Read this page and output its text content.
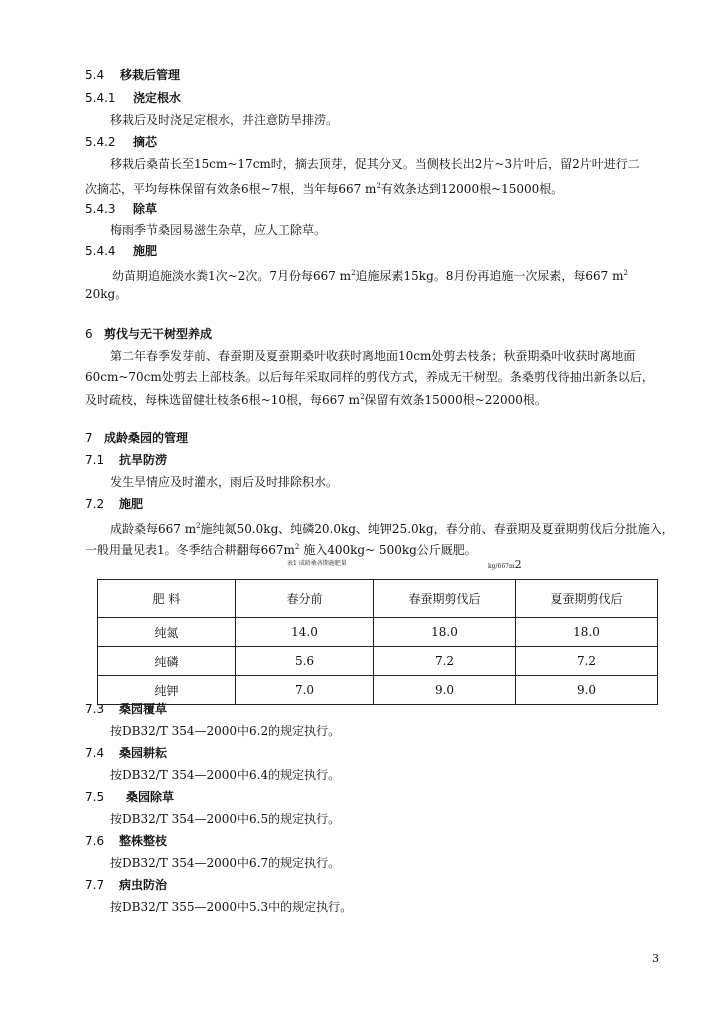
5.4 移栽后管理
5.4.1 浇定根水
移栽后及时浇足定根水，并注意防旱排涝。
5.4.2 摘芯
移栽后桑苗长至15cm~17cm时，摘去顶芽，促其分叉。当侧枝长出2片~3片叶后，留2片叶进行二
次摘芯，平均每株保留有效条6根~7根，当年每667 $m^2$有效条达到12000根~15000根。
5.4.3 除草
梅雨季节桑园易滋生杂草，应人工除草。
5.4.4 施肥
幼苗期追施淡水粪1次~2次。7月份每667 $m^2$追施尿素15kg。8月份再追施一次尿素，每667 $m^2$
20kg。
6 剪伐与无干树型养成
第二年春季发芽前、春蚕期及夏蚕期桑叶收获时离地面10cm处剪去枝条；秋蚕期桑叶收获时离地面
60cm~70cm处剪去上部枝条。以后每年采取同样的剪伐方式，养成无干树型。条桑剪伐待抽出新条以后，
及时疏枝，每株选留健壮枝条6根~10根，每667 $m^2$保留有效条15000根~22000根。
7 成龄桑园的管理
7.1 抗旱防涝
发生旱情应及时灌水，雨后及时排除积水。
7.2 施肥
成龄桑每667 $m^2$施纯氮50.0kg、纯磷20.0kg、纯钾25.0kg，春分前、春蚕期及夏蚕期剪伐后分批施入，
一般用量见表1。冬季结合耕翻每$667m^2$ 施入400kg~ 500kg公斤厩肥。
表1 成龄桑各期施肥量	kg/667m2
肥 料	春分前	春蚕期剪伐后	夏蚕期剪伐后
纯氮	14.0	18.0	18.0
纯磷	5.6	7.2	7.2
纯钾	7.0	9.0	9.0
7.3 桑园覆草
按DB32/T 354—2000中6.2的规定执行。
7.4 桑园耕耘
按DB32/T 354—2000中6.4的规定执行。
7.5 桑园除草
按DB32/T 354—2000中6.5的规定执行。
7.6 整株整枝
按DB32/T 354—2000中6.7的规定执行。
7.7 病虫防治
按DB32/T 355—2000中5.3中的规定执行。
3
